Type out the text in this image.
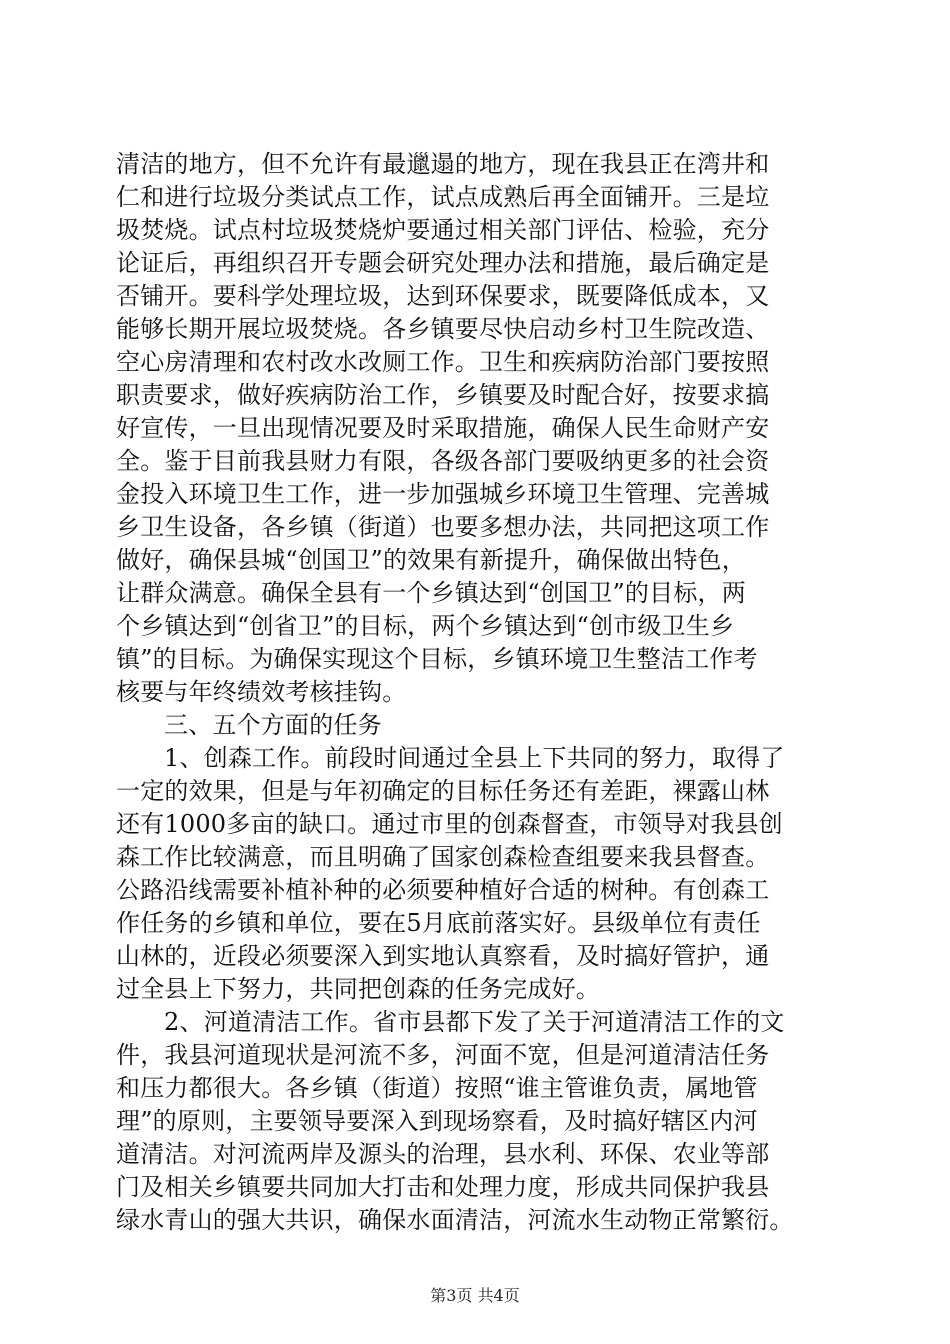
清洁的地方，但不允许有最邋遢的地方，现在我县正在湾井和
仁和进行垃圾分类试点工作，试点成熟后再全面铺开。三是垃
圾焚烧。试点村垃圾焚烧炉要通过相关部门评估、检验，充分
论证后，再组织召开专题会研究处理办法和措施，最后确定是
否铺开。要科学处理垃圾，达到环保要求，既要降低成本，又
能够长期开展垃圾焚烧。各乡镇要尽快启动乡村卫生院改造、
空心房清理和农村改水改厕工作。卫生和疾病防治部门要按照
职责要求，做好疾病防治工作，乡镇要及时配合好，按要求搞
好宣传，一旦出现情况要及时采取措施，确保人民生命财产安
全。鉴于目前我县财力有限，各级各部门要吸纳更多的社会资
金投入环境卫生工作，进一步加强城乡环境卫生管理、完善城
乡卫生设备，各乡镇（街道）也要多想办法，共同把这项工作
做好，确保县城“创国卫”的效果有新提升，确保做出特色，
让群众满意。确保全县有一个乡镇达到“创国卫”的目标，两
个乡镇达到“创省卫”的目标，两个乡镇达到“创市级卫生乡
镇”的目标。为确保实现这个目标，乡镇环境卫生整洁工作考
核要与年终绩效考核挂钩。
三、五个方面的任务
1、创森工作。前段时间通过全县上下共同的努力，取得了
一定的效果，但是与年初确定的目标任务还有差距，裸露山林
还有1000多亩的缺口。通过市里的创森督查，市领导对我县创
森工作比较满意，而且明确了国家创森检查组要来我县督查。
公路沿线需要补植补种的必须要种植好合适的树种。有创森工
作任务的乡镇和单位，要在5月底前落实好。县级单位有责任
山林的，近段必须要深入到实地认真察看，及时搞好管护，通
过全县上下努力，共同把创森的任务完成好。
2、河道清洁工作。省市县都下发了关于河道清洁工作的文
件，我县河道现状是河流不多，河面不宽，但是河道清洁任务
和压力都很大。各乡镇（街道）按照“谁主管谁负责，属地管
理”的原则，主要领导要深入到现场察看，及时搞好辖区内河
道清洁。对河流两岸及源头的治理，县水利、环保、农业等部
门及相关乡镇要共同加大打击和处理力度，形成共同保护我县
绿水青山的强大共识，确保水面清洁，河流水生动物正常繁衍。
第3页 共4页
